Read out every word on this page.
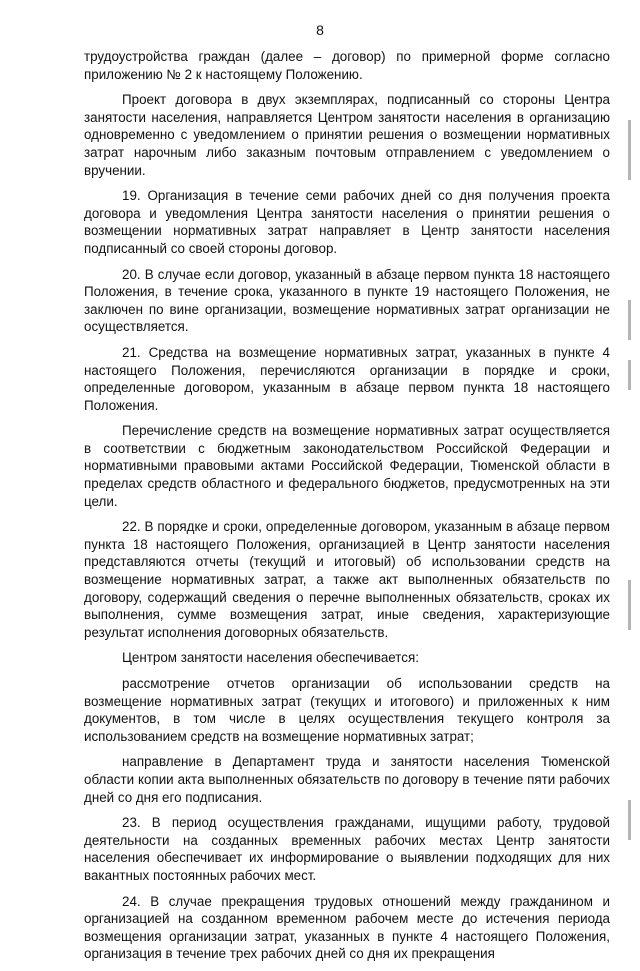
8

трудоустройства граждан (далее – договор) по примерной форме согласно приложению № 2 к настоящему Положению.

Проект договора в двух экземплярах, подписанный со стороны Центра занятости населения, направляется Центром занятости населения в организацию одновременно с уведомлением о принятии решения о возмещении нормативных затрат нарочным либо заказным почтовым отправлением с уведомлением о вручении.

19. Организация в течение семи рабочих дней со дня получения проекта договора и уведомления Центра занятости населения о принятии решения о возмещении нормативных затрат направляет в Центр занятости населения подписанный со своей стороны договор.

20. В случае если договор, указанный в абзаце первом пункта 18 настоящего Положения, в течение срока, указанного в пункте 19 настоящего Положения, не заключен по вине организации, возмещение нормативных затрат организации не осуществляется.

21. Средства на возмещение нормативных затрат, указанных в пункте 4 настоящего Положения, перечисляются организации в порядке и сроки, определенные договором, указанным в абзаце первом пункта 18 настоящего Положения.

Перечисление средств на возмещение нормативных затрат осуществляется в соответствии с бюджетным законодательством Российской Федерации и нормативными правовыми актами Российской Федерации, Тюменской области в пределах средств областного и федерального бюджетов, предусмотренных на эти цели.

22. В порядке и сроки, определенные договором, указанным в абзаце первом пункта 18 настоящего Положения, организацией в Центр занятости населения представляются отчеты (текущий и итоговый) об использовании средств на возмещение нормативных затрат, а также акт выполненных обязательств по договору, содержащий сведения о перечне выполненных обязательств, сроках их выполнения, сумме возмещения затрат, иные сведения, характеризующие результат исполнения договорных обязательств.

Центром занятости населения обеспечивается:

рассмотрение отчетов организации об использовании средств на возмещение нормативных затрат (текущих и итогового) и приложенных к ним документов, в том числе в целях осуществления текущего контроля за использованием средств на возмещение нормативных затрат;

направление в Департамент труда и занятости населения Тюменской области копии акта выполненных обязательств по договору в течение пяти рабочих дней со дня его подписания.

23. В период осуществления гражданами, ищущими работу, трудовой деятельности на созданных временных рабочих местах Центр занятости населения обеспечивает их информирование о выявлении подходящих для них вакантных постоянных рабочих мест.

24. В случае прекращения трудовых отношений между гражданином и организацией на созданном временном рабочем месте до истечения периода возмещения организации затрат, указанных в пункте 4 настоящего Положения, организация в течение трех рабочих дней со дня их прекращения
